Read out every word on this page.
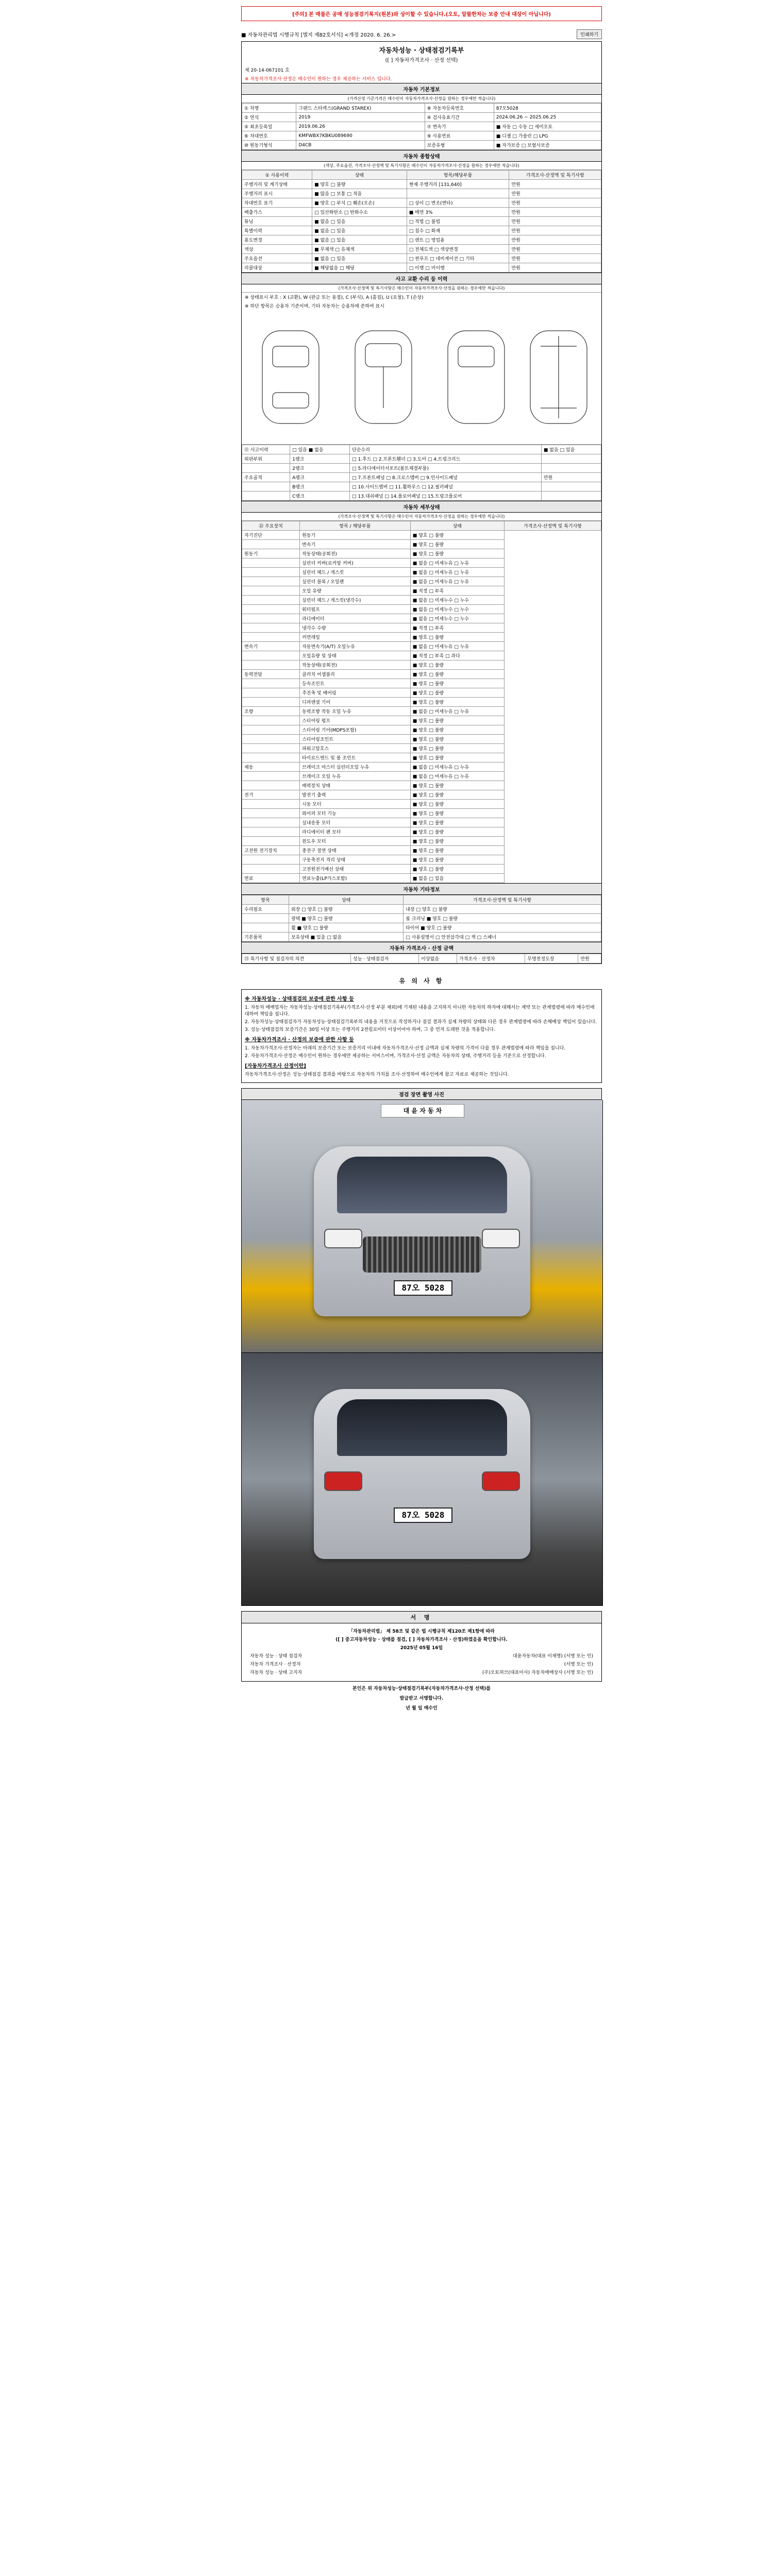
[주의] 본 매물은 공매 성능점검기록지(원본)와 상이할 수 있습니다.(오토, 알뜰한차는 보증 안내 대상이 아닙니다)
■ 자동차관리법 시행규칙 [별지 제82호서식] <개정 2020. 6. 26.>	인쇄하기
자동차성능 · 상태점검기록부
([ ] 자동차가격조사 · 산정 선택)
제 20-14-067101 호
※ 자동차가격조사·산정은 매수인이 원하는 경우 제공하는 서비스 입니다.
자동차 기본정보
(가격산정 기준가격은 매수인이 자동차가격조사·산정을 원하는 경우에만 적습니다)
① 차명	그랜드 스타렉스(GRAND STAREX)	⑧ 자동차등록번호	87오5028
② 연식	2019	④ 검사유효기간	2024.06.26 ~ 2025.06.25
⑤ 최초등록일	2019.06.26	⑦ 변속기	■ 자동 □ 수동 □ 세미오토
⑥ 차대번호	KMFWBX7KBKU089690	⑨ 사용연료	■ 디젤 □ 가솔린 □ LPG
⑩ 원동기형식	D4CB	보증유형	■ 자가보증 □ 보험사보증
자동차 종합상태
(색상, 주요옵션, 가격조사·산정액 및 특기사항은 매수인이 자동차가격조사·산정을 원하는 경우에만 적습니다)
① 사용이력	상태	항목/해당부품	가격조사·산정액 및 특기사항
주행거리 및 계기상태	■ 양호 □ 불량	현재 주행거리 [131,640]	만원
주행거리 표시	■ 많음 □ 보통 □ 적음		만원
차대번호 표기	■ 양호 □ 부식 □ 훼손(오손)	□ 상이 □ 변조(변타)	만원
배출가스	□ 일산화탄소 □ 탄화수소	■ 매연 3%	만원
튜닝	■ 없음 □ 있음	□ 적법 □ 불법	만원
특별이력	■ 없음 □ 있음	□ 침수 □ 화재	만원
용도변경	■ 없음 □ 있음	□ 렌트 □ 영업용	만원
색상	■ 무채색 □ 유채색	□ 전체도색 □ 색상변경	만원
주요옵션	■ 없음 □ 있음	□ 썬루프 □ 네비게이션 □ 기타	만원
리콜대상	■ 해당없음 □ 해당	□ 이행 □ 미이행	만원
사고 교환 수리 등 이력
(가격조사·산정액 및 특기사항은 매수인이 자동차가격조사·산정을 원하는 경우에만 적습니다)
※ 상태표시 부호 : X (교환), W (판금 또는 용접), C (부식), A (흠집), U (요철), T (손상)
※ 하단 항목은 승용차 기준이며, 기타 자동차는 승용차에 준하여 표시
⑪ 사고이력	□ 있음 ■ 없음	단순수리	■ 없음 □ 있음
외판부위	1랭크	□ 1.후드 □ 2.프론트휀더 □ 3.도어 □ 4.트렁크리드	
	2랭크	□ 5.라디에이터서포트(볼트체결부품)	
주요골격	A랭크	□ 7.프론트패널 □ 8.크로스멤버 □ 9.인사이드패널	만원
	B랭크	□ 10.사이드멤버 □ 11.휠하우스 □ 12.필러패널	
	C랭크	□ 13.대쉬패널 □ 14.플로어패널 □ 15.트렁크플로어	
자동차 세부상태
(가격조사·산정액 및 특기사항은 매수인이 자동차가격조사·산정을 원하는 경우에만 적습니다)
⑫ 주요장치	항목 / 해당부품	상태	가격조사·산정액 및 특기사항
자기진단	원동기	■ 양호 □ 불량	
	변속기	■ 양호 □ 불량	
원동기	작동상태(공회전)	■ 양호 □ 불량	
	실린더 커버(로커암 커버)	■ 없음 □ 미세누유 □ 누유	
	실린더 헤드 / 개스킷	■ 없음 □ 미세누유 □ 누유	
	실린더 블록 / 오일팬	■ 없음 □ 미세누유 □ 누유	
	오일 유량	■ 적정 □ 부족	
	실린더 헤드 / 개스킷(냉각수)	■ 없음 □ 미세누수 □ 누수	
	워터펌프	■ 없음 □ 미세누수 □ 누수	
	라디에이터	■ 없음 □ 미세누수 □ 누수	
	냉각수 수량	■ 적정 □ 부족	
	커먼레일	■ 양호 □ 불량	
변속기	자동변속기(A/T) 오일누유	■ 없음 □ 미세누유 □ 누유	
	오일유량 및 상태	■ 적정 □ 부족 □ 과다	
	작동상태(공회전)	■ 양호 □ 불량	
동력전달	클러치 어셈블리	■ 양호 □ 불량	
	등속조인트	■ 양호 □ 불량	
	추진축 및 베어링	■ 양호 □ 불량	
	디퍼렌셜 기어	■ 양호 □ 불량	
조향	동력조향 작동 오일 누유	■ 없음 □ 미세누유 □ 누유	
	스티어링 펌프	■ 양호 □ 불량	
	스티어링 기어(MDPS포함)	■ 양호 □ 불량	
	스티어링조인트	■ 양호 □ 불량	
	파워고압호스	■ 양호 □ 불량	
	타이로드엔드 및 볼 조인트	■ 양호 □ 불량	
제동	브레이크 마스터 실린더오일 누유	■ 없음 □ 미세누유 □ 누유	
	브레이크 오일 누유	■ 없음 □ 미세누유 □ 누유	
	배력장치 상태	■ 양호 □ 불량	
전기	발전기 출력	■ 양호 □ 불량	
	시동 모터	■ 양호 □ 불량	
	와이퍼 모터 기능	■ 양호 □ 불량	
	실내송풍 모터	■ 양호 □ 불량	
	라디에이터 팬 모터	■ 양호 □ 불량	
	윈도우 모터	■ 양호 □ 불량	
고전원 전기장치	충전구 절연 상태	■ 양호 □ 불량	
	구동축전지 격리 상태	■ 양호 □ 불량	
	고전원전기배선 상태	■ 양호 □ 불량	
연료	연료누출(LP가스포함)	■ 없음 □ 있음	
자동차 기타정보
항목	상태	가격조사·산정액 및 특기사항
수리필요	외장 □ 양호 □ 불량	내장 □ 양호 □ 불량
	광택 ■ 양호 □ 불량	룸 크리닝 ■ 양호 □ 불량
	휠 ■ 양호 □ 불량	타이어 ■ 양호 □ 불량
기본품목	보유상태 ■ 있음 □ 없음	□ 사용설명서 □ 안전삼각대 □ 잭 □ 스패너
자동차 가격조사 · 산정 금액
⑬ 특기사항 및 점검자의 의견	성능 · 상태점검자	이상없음	가격조사 · 산정자	무명천정도장	만원
유 의 사 항
※ 자동차성능 · 상태점검의 보증에 관한 사항 등

1. 자동차 매매업자는 자동차성능·상태점검기록부(가격조사·산정 부분 제외)에 기재된 내용을 고지하지 아니한 자동차의 하자에 대해서는 계약 또는 관계법령에 따라 매수인에 대하여 책임을 집니다.

2. 자동차성능·상태점검자가 자동차성능·상태점검기록부의 내용을 거짓으로 작성하거나 점검 결과가 실제 차량의 상태와 다른 경우 관계법령에 따라 손해배상 책임이 있습니다.

3. 성능·상태점검의 보증기간은 30일 이상 또는 주행거리 2천킬로미터 이상이어야 하며, 그 중 먼저 도래한 것을 적용합니다.

※ 자동차가격조사 · 산정의 보증에 관한 사항 등

1. 자동차가격조사·산정자는 아래의 보증기간 또는 보증거리 이내에 자동차가격조사·산정 금액과 실제 차량의 가격이 다를 경우 관계법령에 따라 책임을 집니다.

2. 자동차가격조사·산정은 매수인이 원하는 경우에만 제공하는 서비스이며, 가격조사·산정 금액은 자동차의 상태, 주행거리 등을 기준으로 산정합니다.

[자동차가격조사 산정이란]

자동차가격조사·산정은 성능·상태점검 결과를 바탕으로 자동차의 가치를 조사·산정하여 매수인에게 참고 자료로 제공하는 것입니다.

점검 장면 촬영 사진
대 윤 자 동 차
87오 5028
87오 5028
서 명
「자동차관리법」 제 58조 및 같은 법 시행규칙 제120조 제1항에 따라
([ ] 중고자동차성능 · 상태를 점검, [ ] 자동차가격조사 · 산정)하였음을 확인합니다.
2025년 05월 16일
자동차 성능 · 상태 점검자	대윤자동차(대표 이재명) (서명 또는 인)
자동차 가격조사 · 산정자	(서명 또는 인)
자동차 성능 · 상태 고지자	(주)오토허브(대표이사) 자동차매매상사 (서명 또는 인)
본인은 위 자동차성능·상태점검기록부(자동차가격조사·산정 선택)를
발급받고 서명합니다.
년 월 일 매수인
